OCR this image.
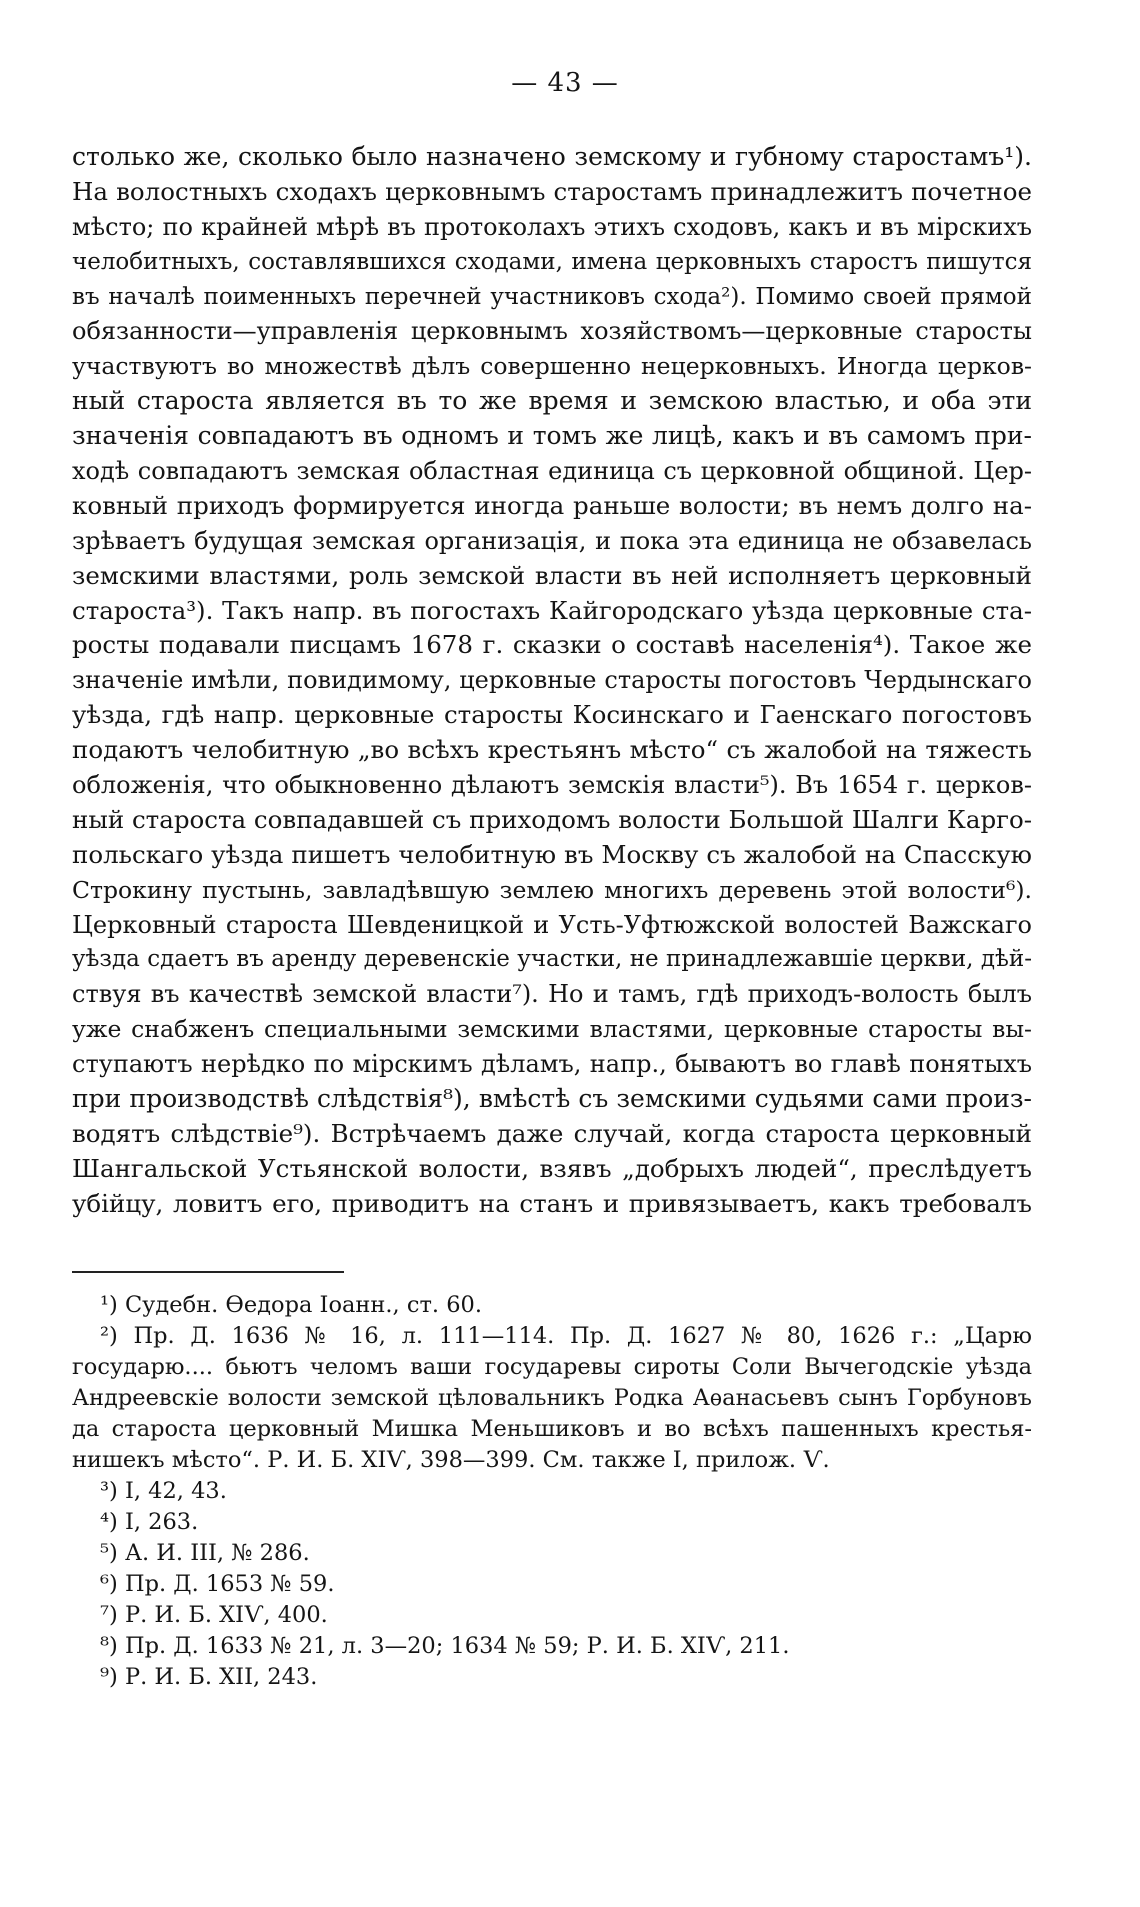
— 43 —
столько же, сколько было назначено земскому и губному старостамъ¹).
На волостныхъ сходахъ церковнымъ старостамъ принадлежитъ почетное
мѣсто; по крайней мѣрѣ въ протоколахъ этихъ сходовъ, какъ и въ мірскихъ
челобитныхъ, составлявшихся сходами, имена церковныхъ старостъ пишутся
въ началѣ поименныхъ перечней участниковъ схода²). Помимо своей прямой
обязанности—управленія церковнымъ хозяйствомъ—церковные старосты
участвуютъ во множествѣ дѣлъ совершенно нецерковныхъ. Иногда церков-
ный староста является въ то же время и земскою властью, и оба эти
значенія совпадаютъ въ одномъ и томъ же лицѣ, какъ и въ самомъ при-
ходѣ совпадаютъ земская областная единица съ церковной общиной. Цер-
ковный приходъ формируется иногда раньше волости; въ немъ долго на-
зрѣваетъ будущая земская организація, и пока эта единица не обзавелась
земскими властями, роль земской власти въ ней исполняетъ церковный
староста³). Такъ напр. въ погостахъ Кайгородскаго уѣзда церковные ста-
росты подавали писцамъ 1678 г. сказки о составѣ населенія⁴). Такое же
значеніе имѣли, повидимому, церковные старосты погостовъ Чердынскаго
уѣзда, гдѣ напр. церковные старосты Косинскаго и Гаенскаго погостовъ
подаютъ челобитную „во всѣхъ крестьянъ мѣсто“ съ жалобой на тяжесть
обложенія, что обыкновенно дѣлаютъ земскія власти⁵). Въ 1654 г. церков-
ный староста совпадавшей съ приходомъ волости Большой Шалги Карго-
польскаго уѣзда пишетъ челобитную въ Москву съ жалобой на Спасскую
Строкину пустынь, завладѣвшую землею многихъ деревень этой волости⁶).
Церковный староста Шевденицкой и Усть-Уфтюжской волостей Важскаго
уѣзда сдаетъ въ аренду деревенскіе участки, не принадлежавшіе церкви, дѣй-
ствуя въ качествѣ земской власти⁷). Но и тамъ, гдѣ приходъ-волость былъ
уже снабженъ специальными земскими властями, церковные старосты вы-
ступаютъ нерѣдко по мірскимъ дѣламъ, напр., бываютъ во главѣ понятыхъ
при производствѣ слѣдствія⁸), вмѣстѣ съ земскими судьями сами произ-
водятъ слѣдствіе⁹). Встрѣчаемъ даже случай, когда староста церковный
Шангальской Устьянской волости, взявъ „добрыхъ людей“, преслѣдуетъ
убійцу, ловитъ его, приводитъ на станъ и привязываетъ, какъ требовалъ
¹) Судебн. Ѳедора Іоанн., ст. 60.
²) Пр. Д. 1636 № 16, л. 111—114. Пр. Д. 1627 № 80, 1626 г.: „Царю
государю.... бьютъ челомъ ваши государевы сироты Соли Вычегодскіе уѣзда
Андреевскіе волости земской цѣловальникъ Родка Аѳанасьевъ сынъ Горбуновъ
да староста церковный Мишка Меньшиковъ и во всѣхъ пашенныхъ крестья-
нишекъ мѣсто“. Р. И. Б. XIѴ, 398—399. См. также I, прилож. Ѵ.
³) I, 42, 43.
⁴) I, 263.
⁵) А. И. III, № 286.
⁶) Пр. Д. 1653 № 59.
⁷) Р. И. Б. XIѴ, 400.
⁸) Пр. Д. 1633 № 21, л. 3—20; 1634 № 59; Р. И. Б. XIѴ, 211.
⁹) Р. И. Б. XII, 243.
